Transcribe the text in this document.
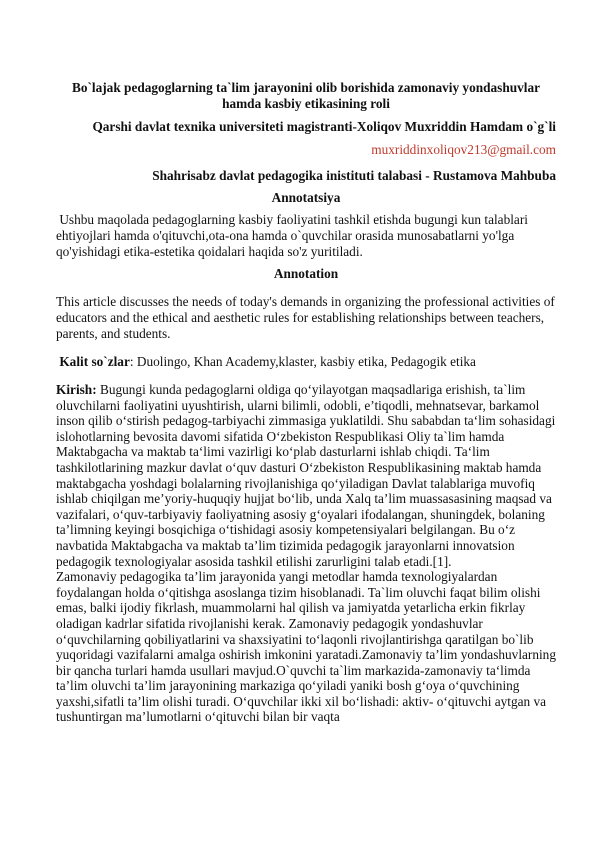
Bo`lajak pedagoglarning ta`lim jarayonini olib borishida zamonaviy yondashuvlar hamda kasbiy etikasining roli

Qarshi davlat texnika universiteti magistranti-Xoliqov Muxriddin Hamdam o`g`li

muxriddinxoliqov213@gmail.com

Shahrisabz davlat pedagogika inistituti talabasi - Rustamova Mahbuba

Annotatsiya

Ushbu maqolada pedagoglarning kasbiy faoliyatini tashkil etishda bugungi kun talablari ehtiyojlari hamda o'qituvchi,ota-ona hamda o`quvchilar orasida munosabatlarni yo'lga qo'yishidagi etika-estetika qoidalari haqida so'z yuritiladi.

Annotation

This article discusses the needs of today's demands in organizing the professional activities of educators and the ethical and aesthetic rules for establishing relationships between teachers, parents, and students.

Kalit so`zlar: Duolingo, Khan Academy,klaster, kasbiy etika, Pedagogik etika

Kirish: Bugungi kunda pedagoglarni oldiga qo‘yilayotgan maqsadlariga erishish, ta`lim oluvchilarni faoliyatini uyushtirish, ularni bilimli, odobli, e’tiqodli, mehnatsevar, barkamol inson qilib o‘stirish pedagog-tarbiyachi zimmasiga yuklatildi. Shu sababdan ta‘lim sohasidagi islohotlarning bevosita davomi sifatida O‘zbekiston Respublikasi Oliy ta`lim hamda Maktabgacha va maktab ta‘limi vazirligi ko‘plab dasturlarni ishlab chiqdi. Ta‘lim tashkilotlarining mazkur davlat o‘quv dasturi O‘zbekiston Respublikasining maktab hamda maktabgacha yoshdagi bolalarning rivojlanishiga qo‘yiladigan Davlat talablariga muvofiq ishlab chiqilgan me’yoriy-huquqiy hujjat bo‘lib, unda Xalq ta’lim muassasasining maqsad va vazifalari, o‘quv-tarbiyaviy faoliyatning asosiy g‘oyalari ifodalangan, shuningdek, bolaning ta’limning keyingi bosqichiga o‘tishidagi asosiy kompetensiyalari belgilangan. Bu o‘z navbatida Maktabgacha va maktab ta’lim tizimida pedagogik jarayonlarni innovatsion pedagogik texnologiyalar asosida tashkil etilishi zarurligini talab etadi.[1].

Zamonaviy pedagogika ta’lim jarayonida yangi metodlar hamda texnologiyalardan foydalangan holda o‘qitishga asoslanga tizim hisoblanadi. Ta`lim oluvchi faqat bilim olishi emas, balki ijodiy fikrlash, muammolarni hal qilish va jamiyatda yetarlicha erkin fikrlay oladigan kadrlar sifatida rivojlanishi kerak. Zamonaviy pedagogik yondashuvlar o‘quvchilarning qobiliyatlarini va shaxsiyatini to‘laqonli rivojlantirishga qaratilgan bo`lib yuqoridagi vazifalarni amalga oshirish imkonini yaratadi.Zamonaviy ta’lim yondashuvlarning bir qancha turlari hamda usullari mavjud.O`quvchi ta`lim markazida-zamonaviy ta‘limda ta’lim oluvchi ta’lim jarayonining markaziga qo‘yiladi yaniki bosh g‘oya o‘quvchining yaxshi,sifatli ta’lim olishi turadi. O‘quvchilar ikki xil bo‘lishadi: aktiv- o‘qituvchi aytgan va tushuntirgan ma’lumotlarni o‘qituvchi bilan bir vaqta
